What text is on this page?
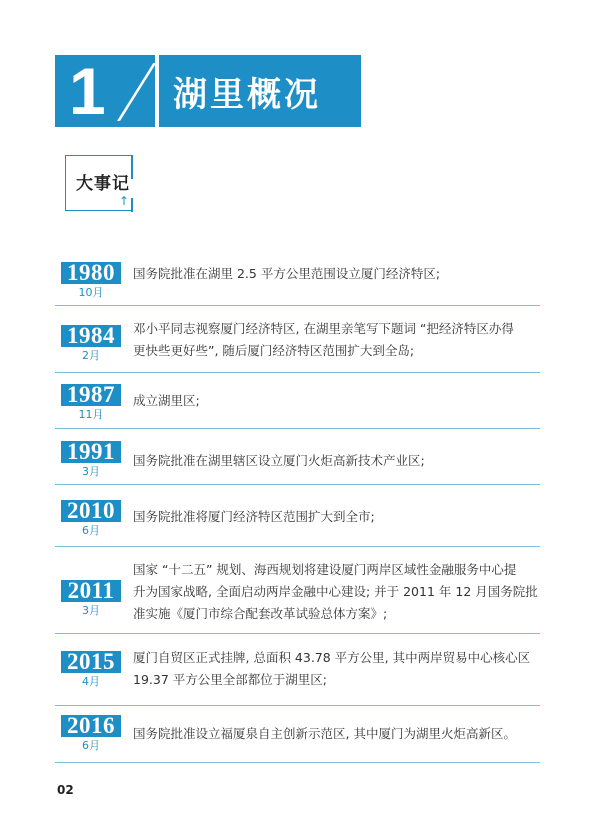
1	湖里概况
大事记
↑
1980
10月
国务院批准在湖里 2.5 平方公里范围设立厦门经济特区;
1984
2月
邓小平同志视察厦门经济特区, 在湖里亲笔写下题词 “把经济特区办得
更快些更好些”, 随后厦门经济特区范围扩大到全岛;
1987
11月
成立湖里区;
1991
3月
国务院批准在湖里辖区设立厦门火炬高新技术产业区;
2010
6月
国务院批准将厦门经济特区范围扩大到全市;
2011
3月
国家 “十二五” 规划、海西规划将建设厦门两岸区域性金融服务中心提
升为国家战略, 全面启动两岸金融中心建设; 并于 2011 年 12 月国务院批
准实施《厦门市综合配套改革试验总体方案》;
2015
4月
厦门自贸区正式挂牌, 总面积 43.78 平方公里, 其中两岸贸易中心核心区
19.37 平方公里全部都位于湖里区;
2016
6月
国务院批准设立福厦泉自主创新示范区, 其中厦门为湖里火炬高新区。
02
